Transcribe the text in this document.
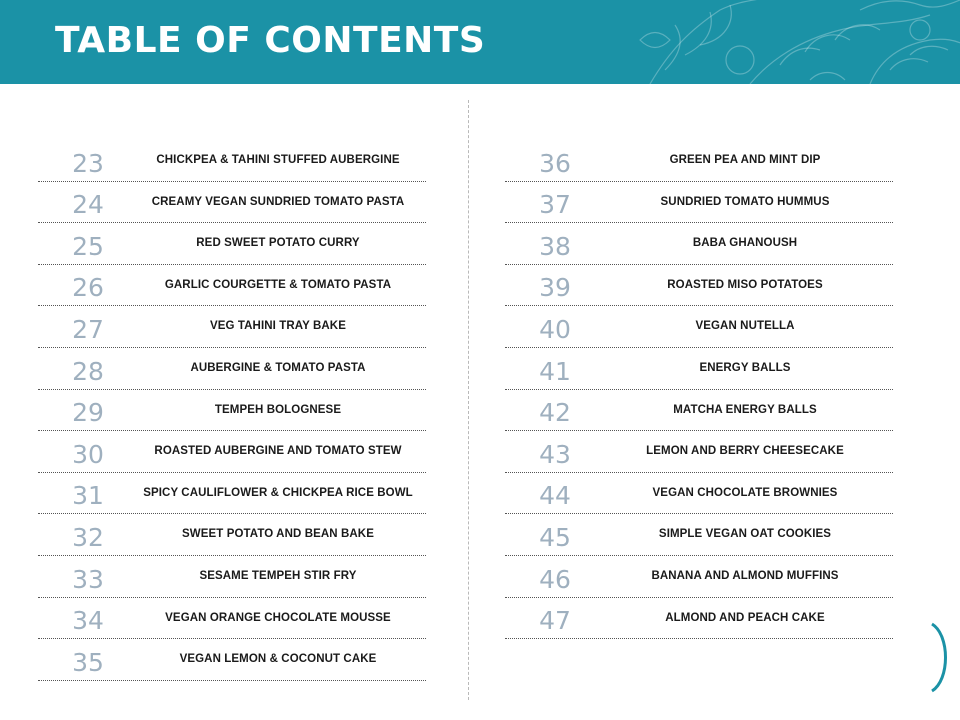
TABLE OF CONTENTS
23	CHICKPEA & TAHINI STUFFED AUBERGINE
24	CREAMY VEGAN SUNDRIED TOMATO PASTA
25	RED SWEET POTATO CURRY
26	GARLIC COURGETTE & TOMATO PASTA
27	VEG TAHINI TRAY BAKE
28	AUBERGINE & TOMATO PASTA
29	TEMPEH BOLOGNESE
30	ROASTED AUBERGINE AND TOMATO STEW
31	SPICY CAULIFLOWER & CHICKPEA RICE BOWL
32	SWEET POTATO AND BEAN BAKE
33	SESAME TEMPEH STIR FRY
34	VEGAN ORANGE CHOCOLATE MOUSSE
35	VEGAN LEMON & COCONUT CAKE
36	GREEN PEA AND MINT DIP
37	SUNDRIED TOMATO HUMMUS
38	BABA GHANOUSH
39	ROASTED MISO POTATOES
40	VEGAN NUTELLA
41	ENERGY BALLS
42	MATCHA ENERGY BALLS
43	LEMON AND BERRY CHEESECAKE
44	VEGAN CHOCOLATE BROWNIES
45	SIMPLE VEGAN OAT COOKIES
46	BANANA AND ALMOND MUFFINS
47	ALMOND AND PEACH CAKE
